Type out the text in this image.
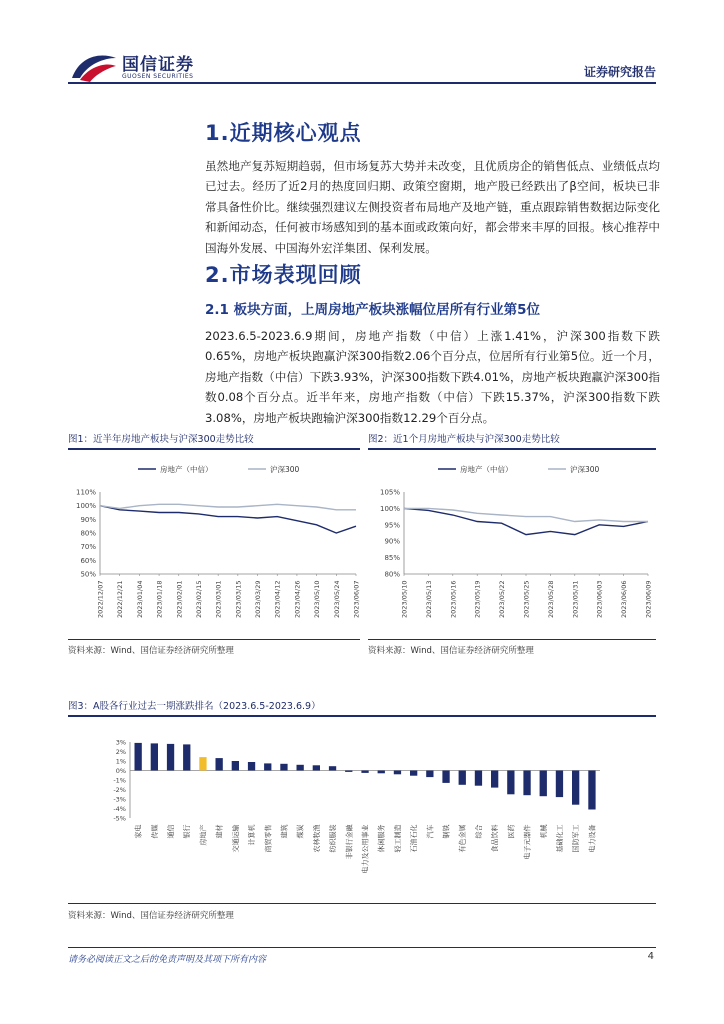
国信证券
GUOSEN SECURITIES	证券研究报告
1.近期核心观点
虽然地产复苏短期趋弱，但市场复苏大势并未改变，且优质房企的销售低点、业绩低点均已过去。经历了近2月的热度回归期、政策空窗期，地产股已经跌出了β空间，板块已非常具备性价比。继续强烈建议左侧投资者布局地产及地产链，重点跟踪销售数据边际变化和新闻动态，任何被市场感知到的基本面或政策向好，都会带来丰厚的回报。核心推荐中国海外发展、中国海外宏洋集团、保利发展。
2.市场表现回顾
2.1 板块方面，上周房地产板块涨幅位居所有行业第5位
2023.6.5-2023.6.9期间，房地产指数（中信）上涨1.41%，沪深300指数下跌0.65%，房地产板块跑赢沪深300指数2.06个百分点，位居所有行业第5位。近一个月，房地产指数（中信）下跌3.93%，沪深300指数下跌4.01%，房地产板块跑赢沪深300指数0.08个百分点。近半年来，房地产指数（中信）下跌15.37%，沪深300指数下跌3.08%，房地产板块跑输沪深300指数12.29个百分点。
图1：近半年房地产板块与沪深300走势比较
房地产（中信）	沪深300
50%
60%
70%
80%
90%
100%
110%
2022/12/07 2022/12/21 2023/01/04 2023/01/18 2023/02/01 2023/02/15 2023/03/01 2023/03/15 2023/03/29 2023/04/12 2023/04/26 2023/05/10 2023/05/24 2023/06/07
资料来源：Wind、国信证券经济研究所整理
图2：近1个月房地产板块与沪深300走势比较
房地产（中信）	沪深300
80%
85%
90%
95%
100%
105%
2023/05/10	2023/05/13	2023/05/16	2023/05/19	2023/05/22	2023/05/25	2023/05/28	2023/05/31	2023/06/03	2023/06/06	2023/06/09
资料来源：Wind、国信证券经济研究所整理
图3：A股各行业过去一期涨跌排名（2023.6.5-2023.6.9）
3%
2%
1%
0%
-1%
-2%
-3%
-4%
-5%
家电 传媒 通信 银行 房地产 建材 交通运输 计算机 商贸零售 建筑 煤炭 农林牧渔 纺织服装 非银行金融 电力及公用事业 休闲服务 轻工制造 石油石化 汽车 钢铁 有色金属 综合 食品饮料 医药 电子元器件 机械 基础化工 国防军工 电力设备
资料来源：Wind、国信证券经济研究所整理
请务必阅读正文之后的免责声明及其项下所有内容	4
